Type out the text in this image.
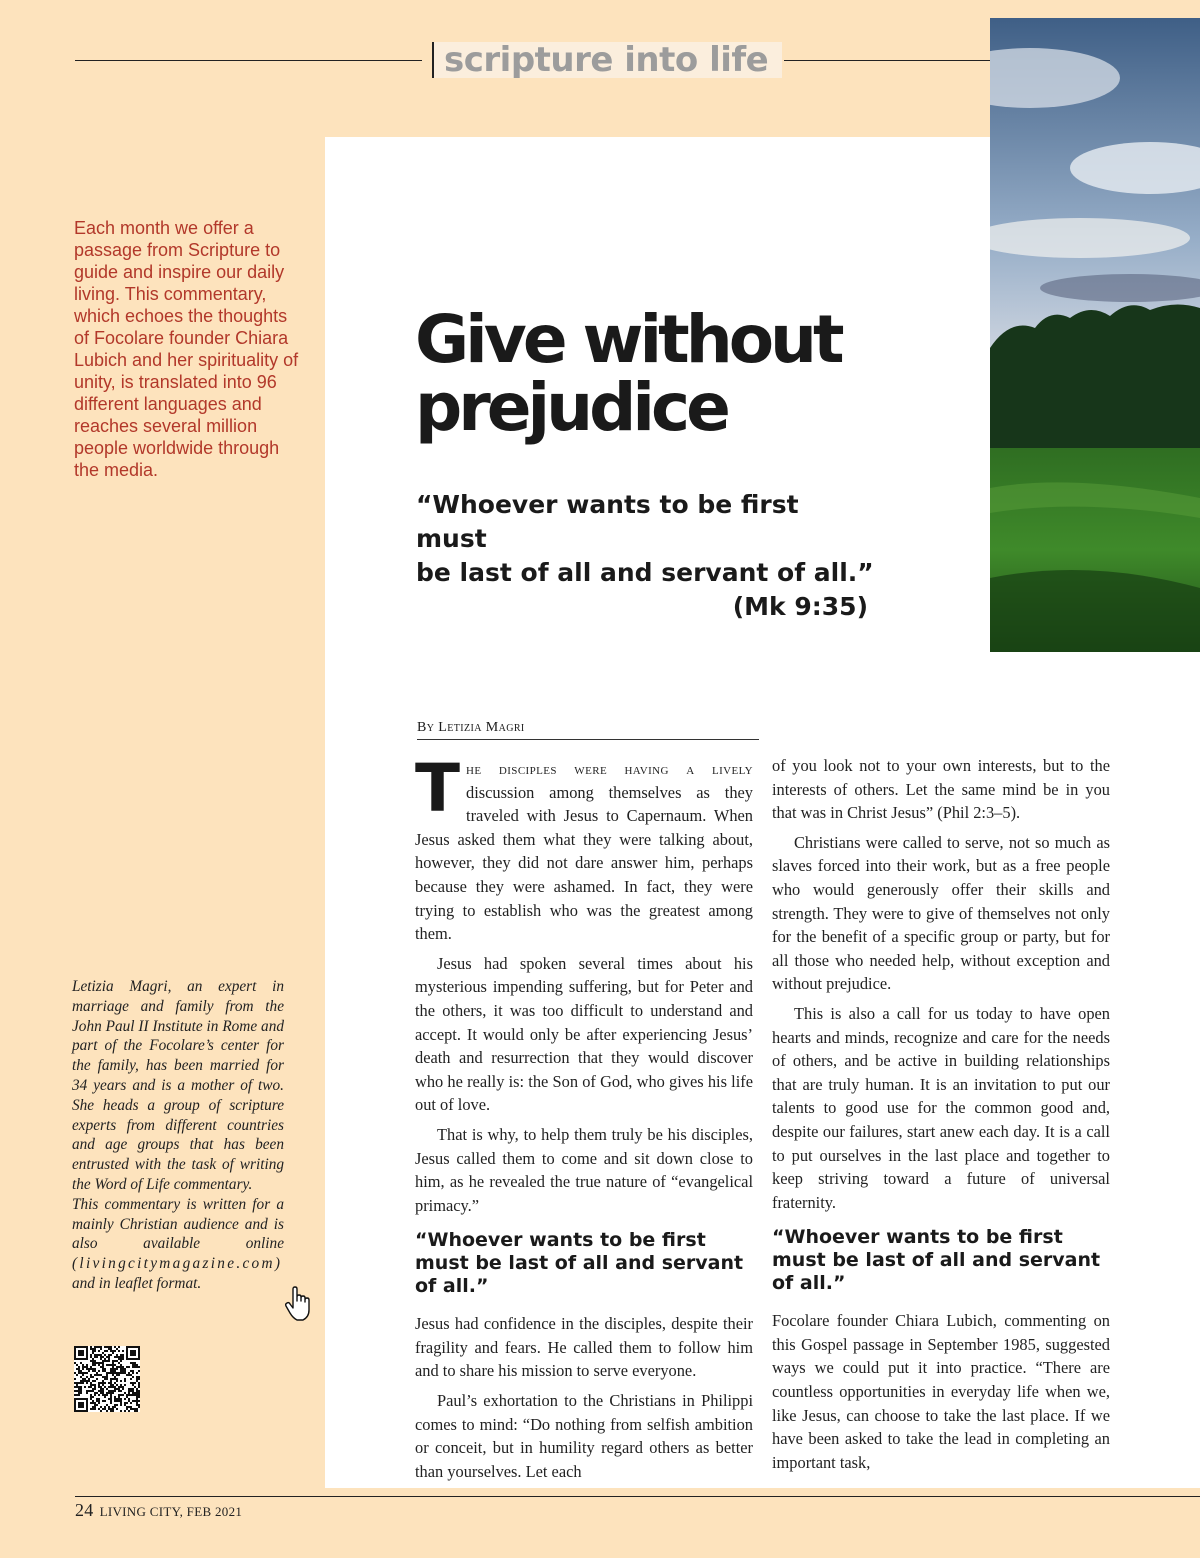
scripture into life
Each month we offer a passage from Scripture to guide and inspire our daily living. This commentary, which echoes the thoughts of Focolare founder Chiara Lubich and her spirituality of unity, is translated into 96 different languages and reaches several million people worldwide through the media.
Give without
prejudice
“Whoever wants to be first must
be last of all and servant of all.”
(Mk 9:35)
By Letizia Magri

The disciples were having a lively discussion among themselves as they traveled with Jesus to Capernaum. When Jesus asked them what they were talking about, however, they did not dare answer him, perhaps because they were ashamed. In fact, they were trying to establish who was the greatest among them.

Jesus had spoken several times about his mysterious impending suffering, but for Peter and the others, it was too difficult to understand and accept. It would only be after experiencing Jesus’ death and resurrection that they would discover who he really is: the Son of God, who gives his life out of love.

That is why, to help them truly be his disciples, Jesus called them to come and sit down close to him, as he revealed the true nature of “evangelical primacy.”

“Whoever wants to be first must be last of all and servant of all.”

Jesus had confidence in the disciples, despite their fragility and fears. He called them to follow him and to share his mission to serve everyone.

Paul’s exhortation to the Christians in Philippi comes to mind: “Do nothing from selfish ambition or conceit, but in humility regard others as better than yourselves. Let each

of you look not to your own interests, but to the interests of others. Let the same mind be in you that was in Christ Jesus” (Phil 2:3–5).

Christians were called to serve, not so much as slaves forced into their work, but as a free people who would generously offer their skills and strength. They were to give of themselves not only for the benefit of a specific group or party, but for all those who needed help, without exception and without prejudice.

This is also a call for us today to have open hearts and minds, recognize and care for the needs of others, and be active in building relationships that are truly human. It is an invitation to put our talents to good use for the common good and, despite our failures, start anew each day. It is a call to put ourselves in the last place and together to keep striving toward a future of universal fraternity.

“Whoever wants to be first must be last of all and servant of all.”

Focolare founder Chiara Lubich, commenting on this Gospel passage in September 1985, suggested ways we could put it into practice. “There are countless opportunities in everyday life when we, like Jesus, can choose to take the last place. If we have been asked to take the lead in completing an important task,

Letizia Magri, an expert in marriage and family from the John Paul II Institute in Rome and part of the Focolare’s center for the family, has been married for 34 years and is a mother of two. She heads a group of scripture experts from different countries and age groups that has been entrusted with the task of writing the Word of Life commentary.

This commentary is written for a mainly Christian audience and is also available online (livingcitymagazine.com) and in leaflet format.

24 LIVING CITY, FEB 2021
